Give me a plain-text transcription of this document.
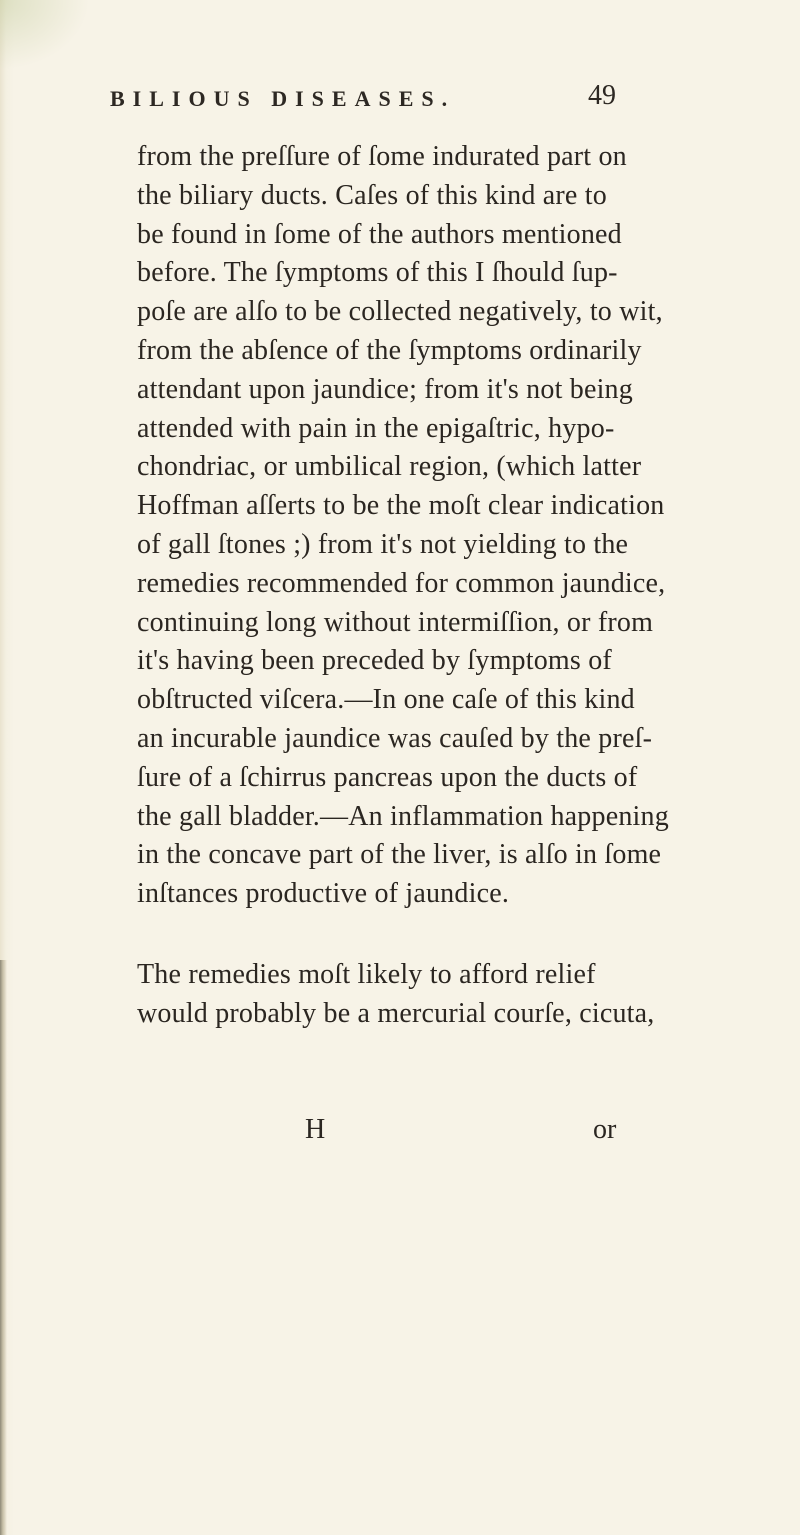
BILIOUS DISEASES.	49
from the preſſure of ſome indurated part on
the biliary ducts. Caſes of this kind are to
be found in ſome of the authors mentioned
before. The ſymptoms of this I ſhould ſup-
poſe are alſo to be collected negatively, to wit,
from the abſence of the ſymptoms ordinarily
attendant upon jaundice; from it's not being
attended with pain in the epigaſtric, hypo-
chondriac, or umbilical region, (which latter
Hoffman aſſerts to be the moſt clear indication
of gall ſtones ;) from it's not yielding to the
remedies recommended for common jaundice,
continuing long without intermiſſion, or from
it's having been preceded by ſymptoms of
obſtructed viſcera.—In one caſe of this kind
an incurable jaundice was cauſed by the preſ-
ſure of a ſchirrus pancreas upon the ducts of
the gall bladder.—An inflammation happening
in the concave part of the liver, is alſo in ſome
inſtances productive of jaundice.
The remedies moſt likely to afford relief
would probably be a mercurial courſe, cicuta,
H	or
